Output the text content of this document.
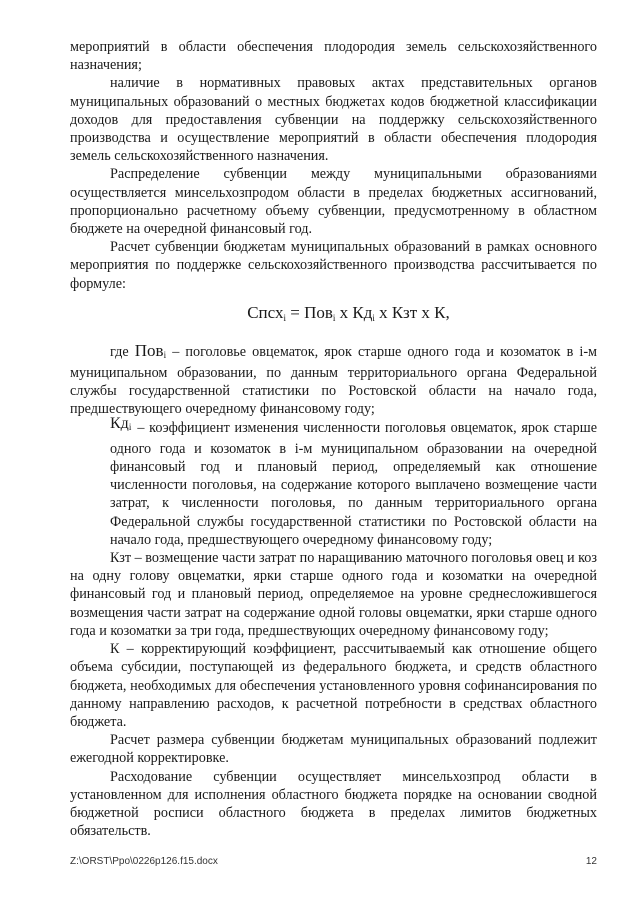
мероприятий в области обеспечения плодородия земель сельскохозяйственного назначения;

наличие в нормативных правовых актах представительных органов муниципальных образований о местных бюджетах кодов бюджетной классификации доходов для предоставления субвенции на поддержку сельскохозяйственного производства и осуществление мероприятий в области обеспечения плодородия земель сельскохозяйственного назначения.

Распределение субвенции между муниципальными образованиями осуществляется минсельхозпродом области в пределах бюджетных ассигнований, пропорционально расчетному объему субвенции, предусмотренному в областном бюджете на очередной финансовый год.

Расчет субвенции бюджетам муниципальных образований в рамках основного мероприятия по поддержке сельскохозяйственного производства рассчитывается по формуле:

Спсх$_i$ = Пов$_i$ x $Кд_i$ x Кзт x К,

где Пов$_i$ – поголовье овцематок, ярок старше одного года и козоматок в i-м муниципальном образовании, по данным территориального органа Федеральной службы государственной статистики по Ростовской области на начало года, предшествующего очередному финансовому году;

$Кд_i$ – коэффициент изменения численности поголовья овцематок, ярок старше одного года и козоматок в i-м муниципальном образовании на очередной финансовый год и плановый период, определяемый как отношение численности поголовья, на содержание которого выплачено возмещение части затрат, к численности поголовья, по данным территориального органа Федеральной службы государственной статистики по Ростовской области на начало года, предшествующего очередному финансовому году;

Кзт – возмещение части затрат по наращиванию маточного поголовья овец и коз на одну голову овцематки, ярки старше одного года и козоматки на очередной финансовый год и плановый период, определяемое на уровне среднесложившегося возмещения части затрат на содержание одной головы овцематки, ярки старше одного года и козоматки за три года, предшествующих очередному финансовому году;

К – корректирующий коэффициент, рассчитываемый как отношение общего объема субсидии, поступающей из федерального бюджета, и средств областного бюджета, необходимых для обеспечения установленного уровня софинансирования по данному направлению расходов, к расчетной потребности в средствах областного бюджета.

Расчет размера субвенции бюджетам муниципальных образований подлежит ежегодной корректировке.

Расходование субвенции осуществляет минсельхозпрод области в установленном для исполнения областного бюджета порядке на основании сводной бюджетной росписи областного бюджета в пределах лимитов бюджетных обязательств.

Z:\ORST\Ppo\0226p126.f15.docx	12
